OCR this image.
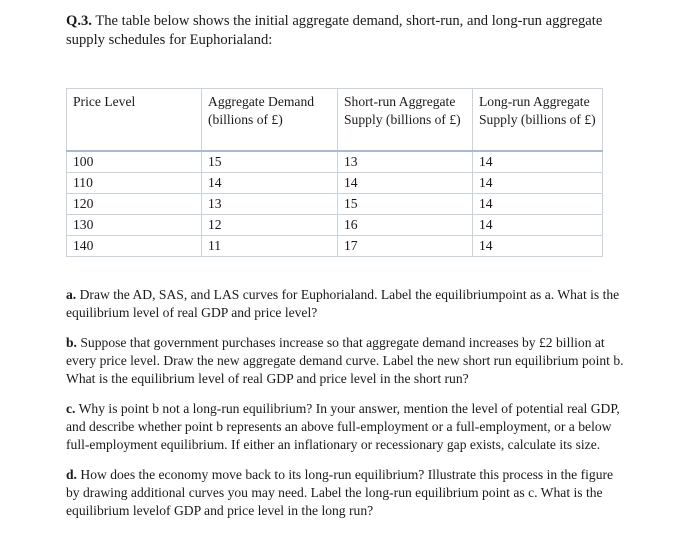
Q.3. The table below shows the initial aggregate demand, short-run, and long-run aggregate supply schedules for Euphorialand:
Price Level	Aggregate Demand (billions of £)	Short-run Aggregate Supply (billions of £)	Long-run Aggregate Supply (billions of £)
100	15	13	14
110	14	14	14
120	13	15	14
130	12	16	14
140	11	17	14

a. Draw the AD, SAS, and LAS curves for Euphorialand. Label the equilibriumpoint as a. What is the equilibrium level of real GDP and price level?

b. Suppose that government purchases increase so that aggregate demand increases by £2 billion at every price level. Draw the new aggregate demand curve. Label the new short run equilibrium point b. What is the equilibrium level of real GDP and price level in the short run?

c. Why is point b not a long-run equilibrium? In your answer, mention the level of potential real GDP, and describe whether point b represents an above full-employment or a full-employment, or a below full-employment equilibrium. If either an inflationary or recessionary gap exists, calculate its size.

d. How does the economy move back to its long-run equilibrium? Illustrate this process in the figure by drawing additional curves you may need. Label the long-run equilibrium point as c. What is the equilibrium levelof GDP and price level in the long run?
